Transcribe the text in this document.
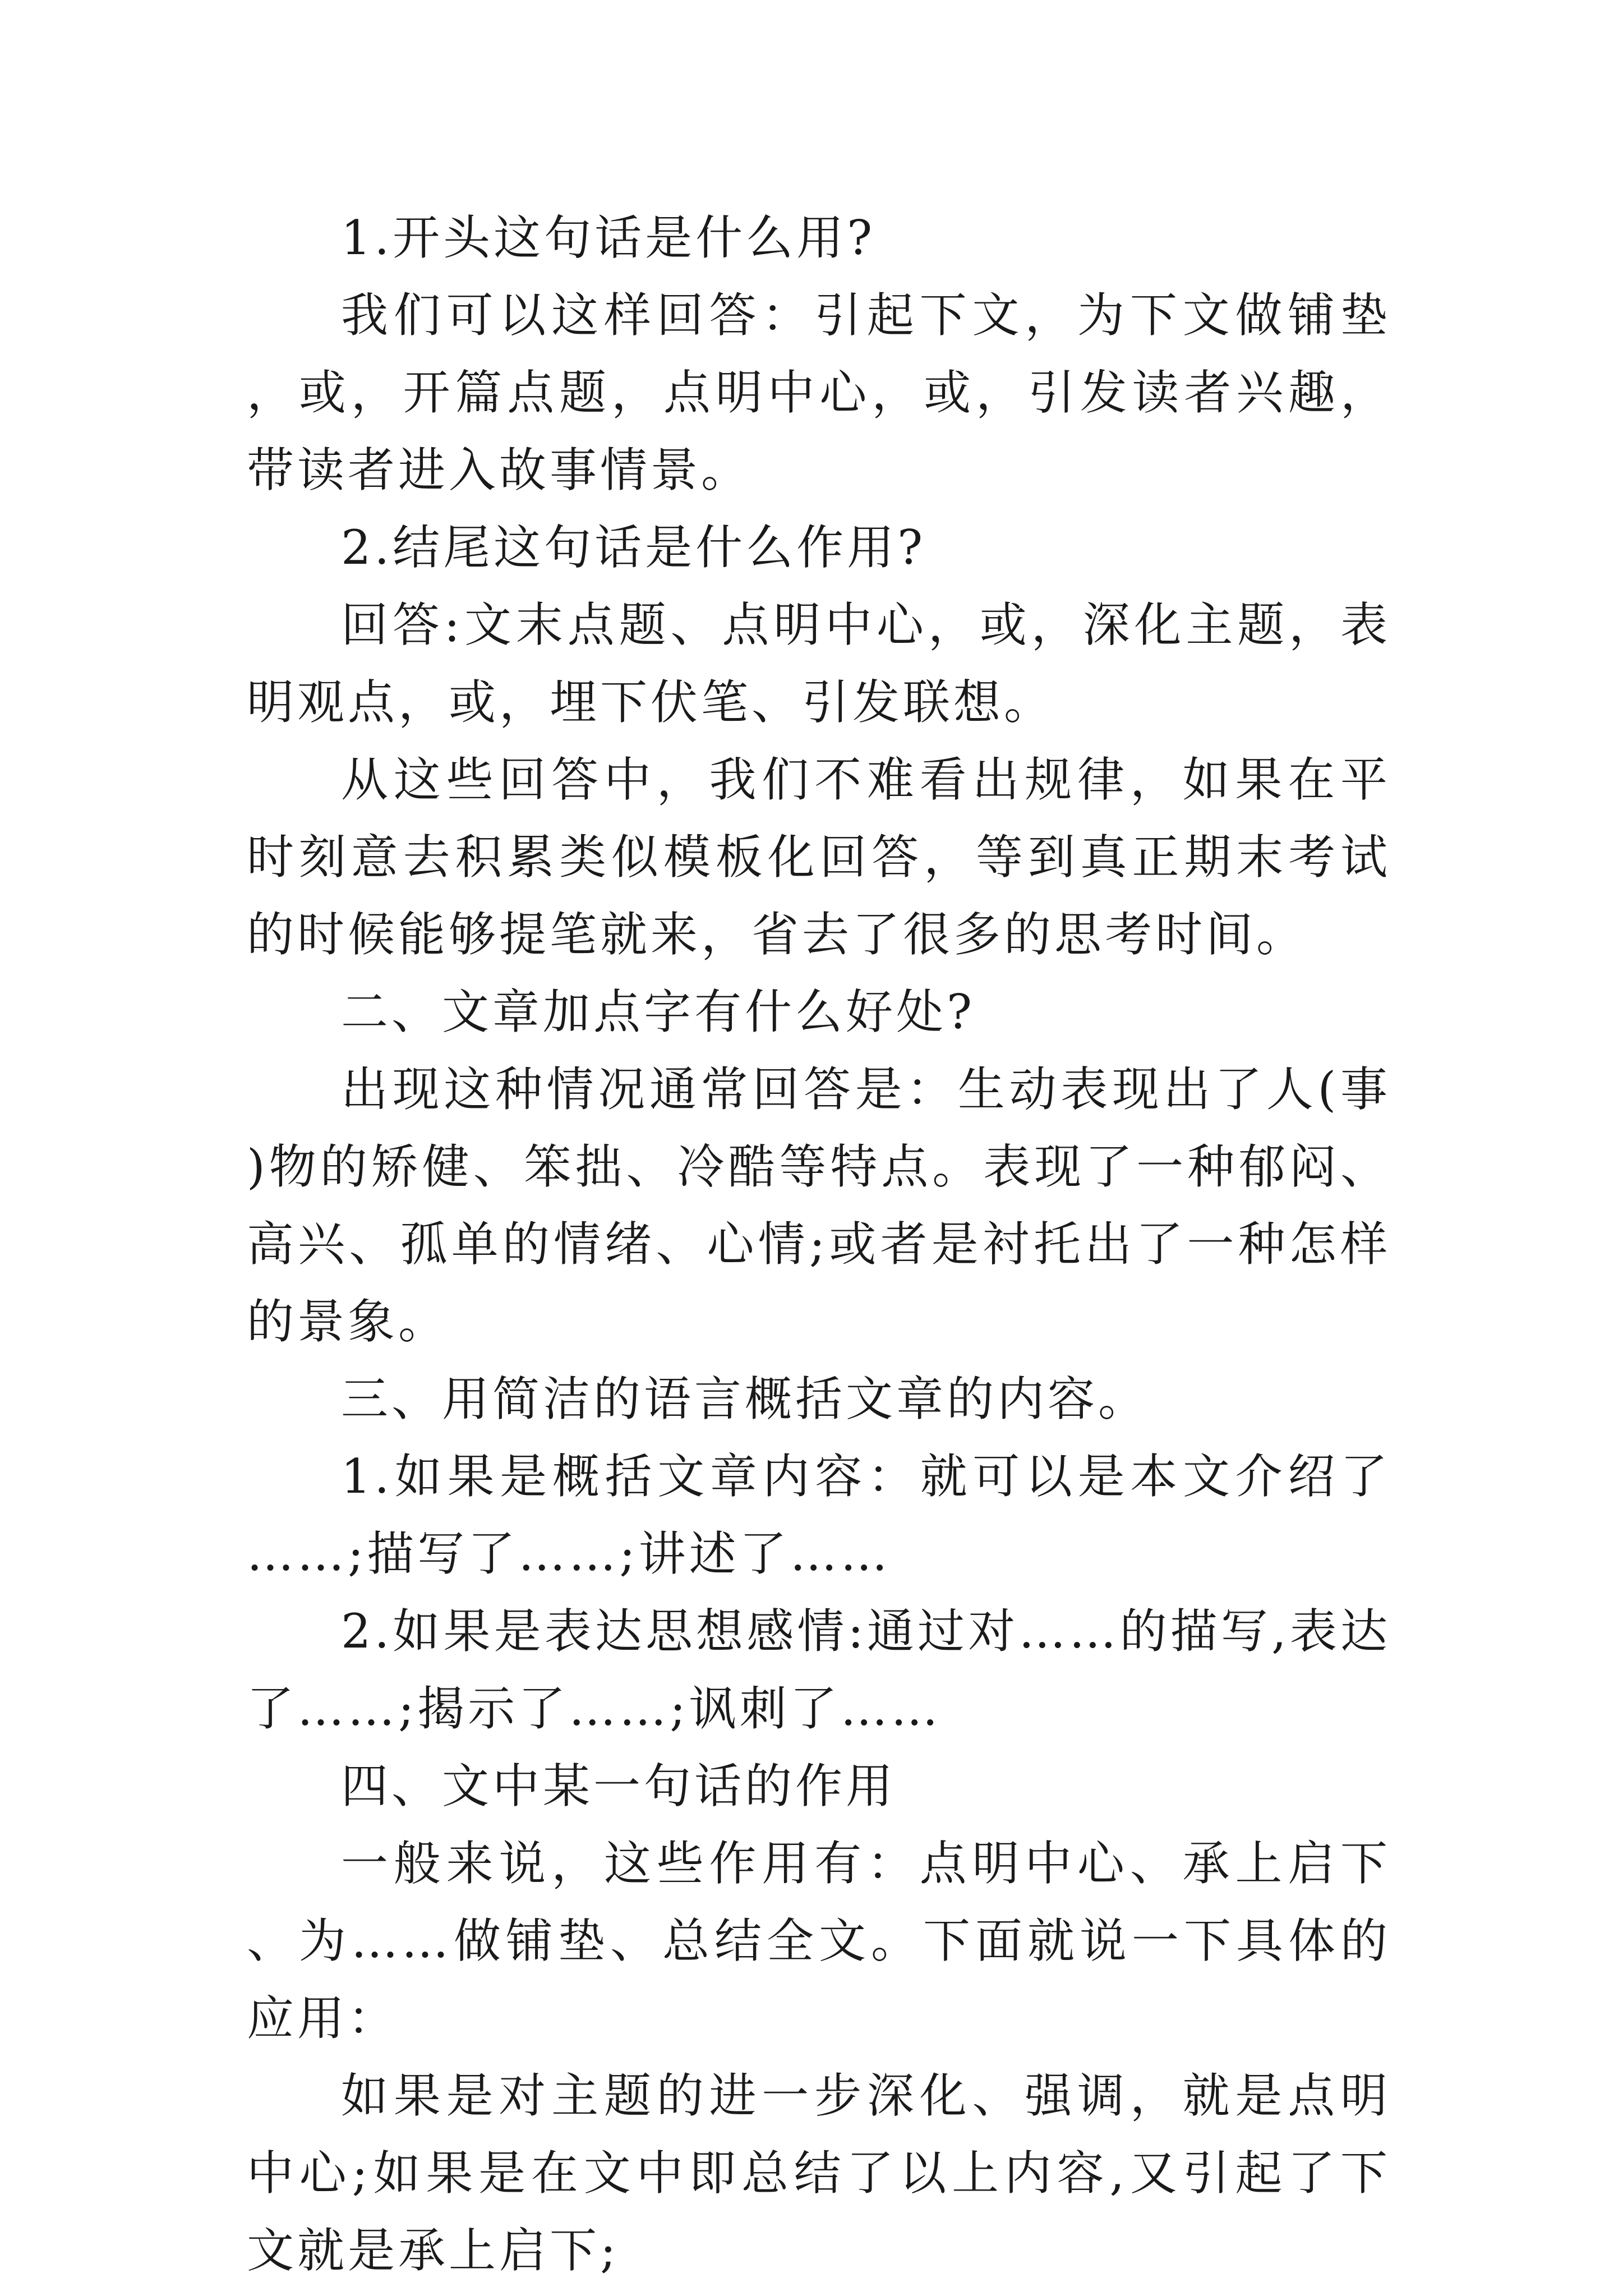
1.开头这句话是什么用?

我们可以这样回答：引起下文，为下文做铺垫，或，开篇点题，点明中心，或，引发读者兴趣，带读者进入故事情景。

2.结尾这句话是什么作用?

回答:文末点题、点明中心，或，深化主题，表明观点，或，埋下伏笔、引发联想。

从这些回答中，我们不难看出规律，如果在平时刻意去积累类似模板化回答，等到真正期末考试的时候能够提笔就来，省去了很多的思考时间。

二、文章加点字有什么好处?

出现这种情况通常回答是：生动表现出了人(事)物的矫健、笨拙、冷酷等特点。表现了一种郁闷、高兴、孤单的情绪、心情;或者是衬托出了一种怎样的景象。

三、用简洁的语言概括文章的内容。

1.如果是概括文章内容：就可以是本文介绍了……;描写了……;讲述了……

2.如果是表达思想感情:通过对……的描写,表达了……;揭示了……;讽刺了……

四、文中某一句话的作用

一般来说，这些作用有：点明中心、承上启下、为……做铺垫、总结全文。下面就说一下具体的应用：

如果是对主题的进一步深化、强调，就是点明中心;如果是在文中即总结了以上内容,又引起了下文就是承上启下;
